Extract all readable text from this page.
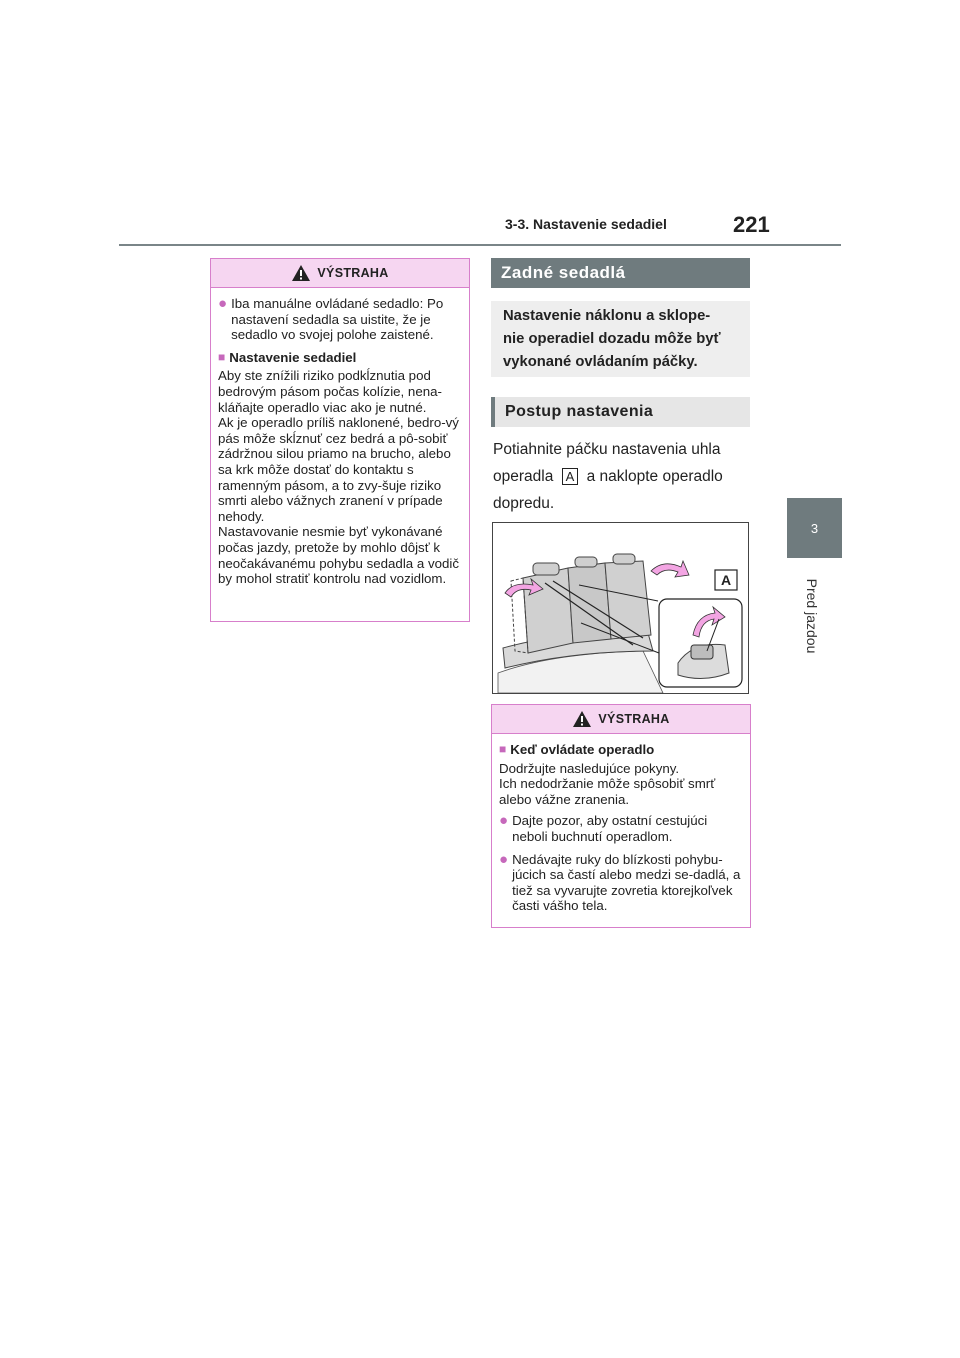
3-3. Nastavenie sedadiel	221
3
Pred jazdou
VÝSTRAHA
● Iba manuálne ovládané sedadlo: Po nastavení sedadla sa uistite, že je sedadlo vo svojej polohe zaistené.
■ Nastavenie sedadiel
Aby ste znížili riziko podkĺznutia pod bedrovým pásom počas kolízie, nena-kláňajte operadlo viac ako je nutné.
Ak je operadlo príliš naklonené, bedro-vý pás môže skĺznuť cez bedrá a pô-sobiť zádržnou silou priamo na brucho, alebo sa krk môže dostať do kontaktu s ramenným pásom, a to zvy-šuje riziko smrti alebo vážnych zranení v prípade nehody.
Nastavovanie nesmie byť vykonávané počas jazdy, pretože by mohlo dôjsť k neočakávanému pohybu sedadla a vodič by mohol stratiť kontrolu nad vozidlom.
Zadné sedadlá
Nastavenie náklonu a sklope-
nie operadiel dozadu môže byť
vykonané ovládaním páčky.
Postup nastavenia
Potiahnite páčku nastavenia uhla operadla A a naklopte operadlo dopredu.
A
VÝSTRAHA
■ Keď ovládate operadlo
Dodržujte nasledujúce pokyny.
Ich nedodržanie môže spôsobiť smrť alebo vážne zranenia.
● Dajte pozor, aby ostatní cestujúci neboli buchnutí operadlom.
● Nedávajte ruky do blízkosti pohybu-júcich sa častí alebo medzi se-dadlá, a tiež sa vyvarujte zovretia ktorejkoľvek časti vášho tela.
